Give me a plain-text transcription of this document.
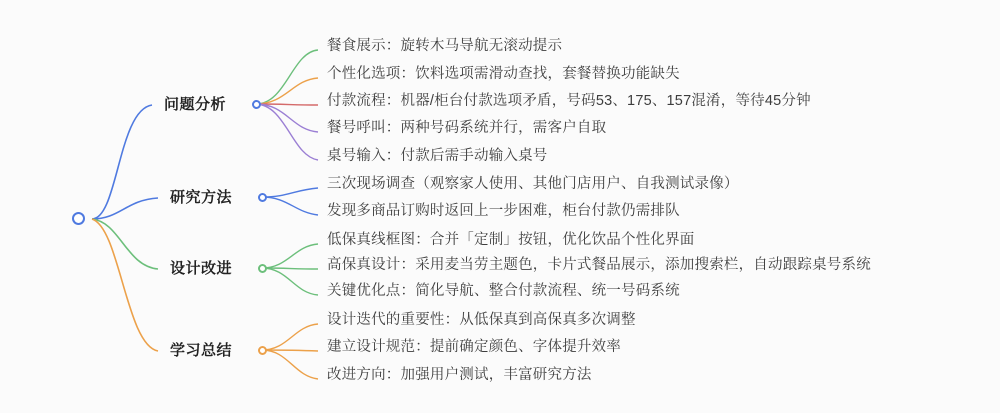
问题分析
餐食展示：旋转木马导航无滚动提示
个性化选项：饮料选项需滑动查找，套餐替换功能缺失
付款流程：机器/柜台付款选项矛盾，号码53、175、157混淆，等待45分钟
餐号呼叫：两种号码系统并行，需客户自取
桌号输入：付款后需手动输入桌号
研究方法
三次现场调查（观察家人使用、其他门店用户、自我测试录像）
发现多商品订购时返回上一步困难，柜台付款仍需排队
设计改进
低保真线框图：合并「定制」按钮，优化饮品个性化界面
高保真设计：采用麦当劳主题色，卡片式餐品展示，添加搜索栏，自动跟踪桌号系统
关键优化点：简化导航、整合付款流程、统一号码系统
学习总结
设计迭代的重要性：从低保真到高保真多次调整
建立设计规范：提前确定颜色、字体提升效率
改进方向：加强用户测试，丰富研究方法
